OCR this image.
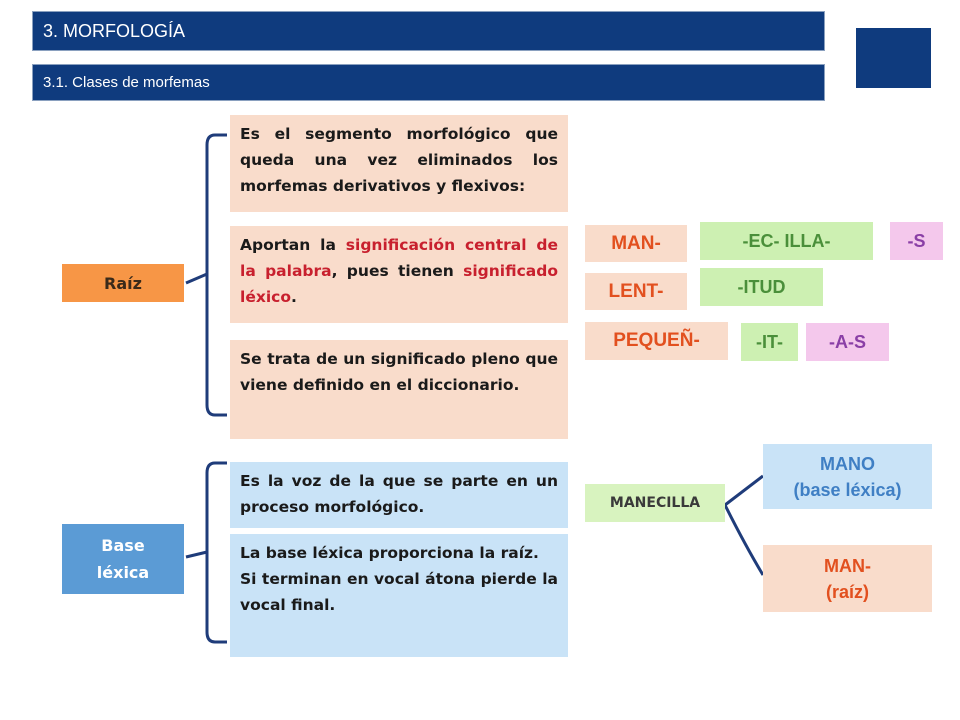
3. MORFOLOGÍA
3.1. Clases de morfemas
Raíz
Es el segmento morfológico que queda una vez eliminados los morfemas derivativos y flexivos:
Aportan la significación central de la palabra, pues tienen significado léxico.
Se trata de un significado pleno que viene definido en el diccionario.
MAN-
LENT-
PEQUEÑ-
-EC- ILLA-
-ITUD
-IT-
-S
-A-S
Base
léxica
Es la voz de la que se parte en un proceso morfológico.
La base léxica proporciona la raíz.
Si terminan en vocal átona pierde la vocal final.
MANECILLA
MANO
(base léxica)
MAN-
(raíz)
